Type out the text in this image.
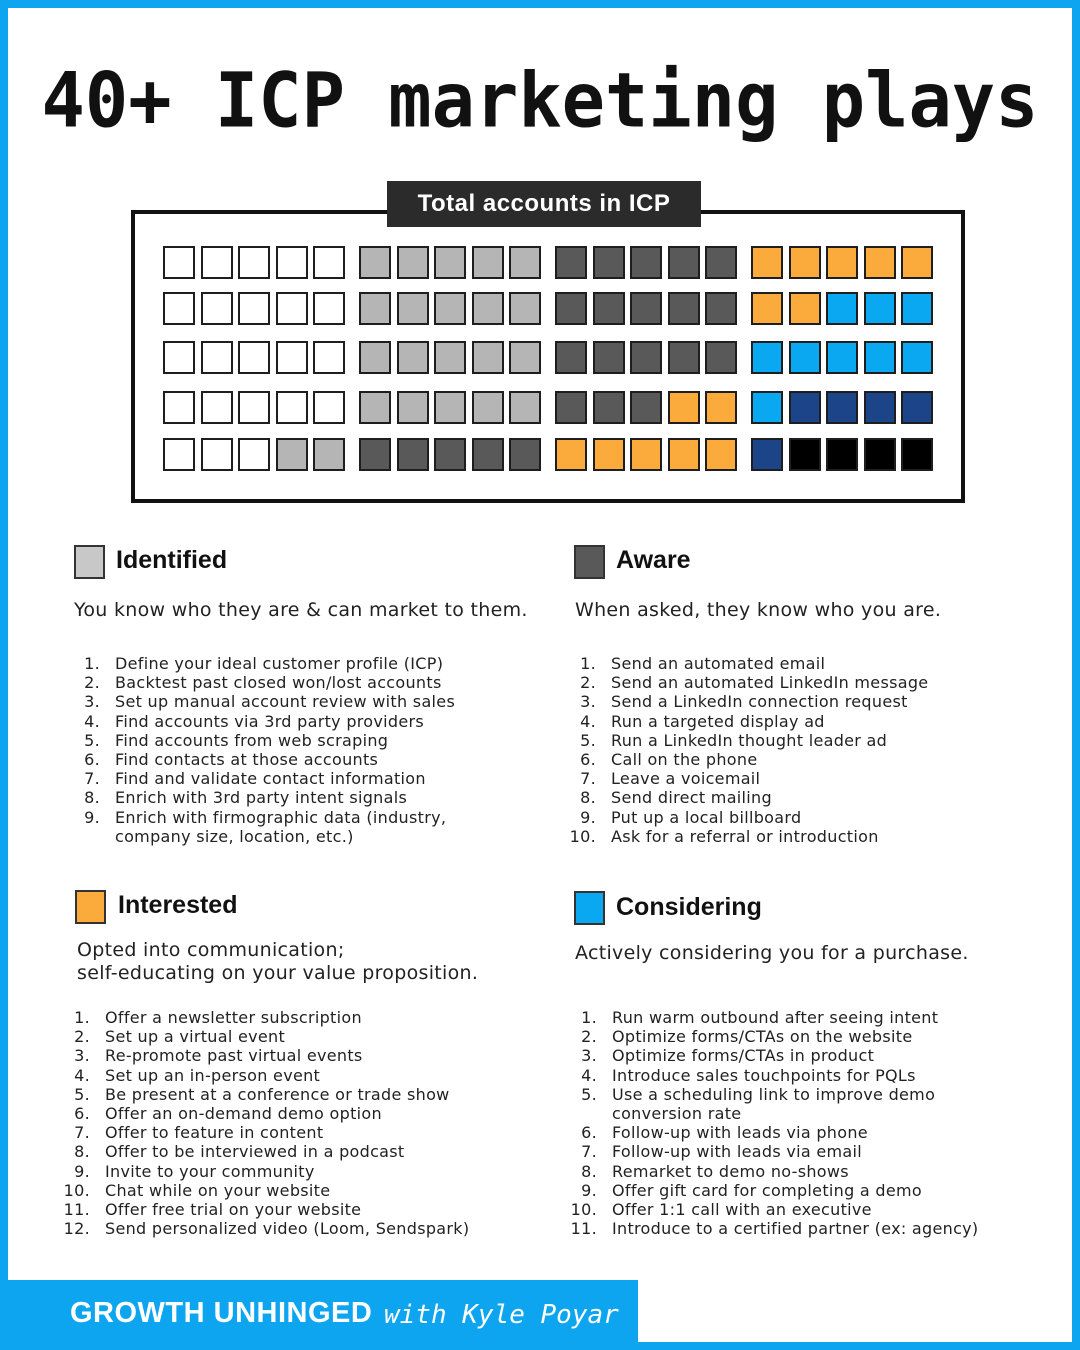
40+ ICP marketing plays
Total accounts in ICP
Identified
You know who they are & can market to them.
1. Define your ideal customer profile (ICP)
2. Backtest past closed won/lost accounts
3. Set up manual account review with sales
4. Find accounts via 3rd party providers
5. Find accounts from web scraping
6. Find contacts at those accounts
7. Find and validate contact information
8. Enrich with 3rd party intent signals
9. Enrich with firmographic data (industry,
company size, location, etc.)
Aware
When asked, they know who you are.
1. Send an automated email
2. Send an automated LinkedIn message
3. Send a LinkedIn connection request
4. Run a targeted display ad
5. Run a LinkedIn thought leader ad
6. Call on the phone
7. Leave a voicemail
8. Send direct mailing
9. Put up a local billboard
10. Ask for a referral or introduction
Interested
Opted into communication;
self-educating on your value proposition.
1. Offer a newsletter subscription
2. Set up a virtual event
3. Re-promote past virtual events
4. Set up an in-person event
5. Be present at a conference or trade show
6. Offer an on-demand demo option
7. Offer to feature in content
8. Offer to be interviewed in a podcast
9. Invite to your community
10. Chat while on your website
11. Offer free trial on your website
12. Send personalized video (Loom, Sendspark)
Considering
Actively considering you for a purchase.
1. Run warm outbound after seeing intent
2. Optimize forms/CTAs on the website
3. Optimize forms/CTAs in product
4. Introduce sales touchpoints for PQLs
5. Use a scheduling link to improve demo
conversion rate
6. Follow-up with leads via phone
7. Follow-up with leads via email
8. Remarket to demo no-shows
9. Offer gift card for completing a demo
10. Offer 1:1 call with an executive
11. Introduce to a certified partner (ex: agency)
GROWTH UNHINGED with Kyle Poyar
